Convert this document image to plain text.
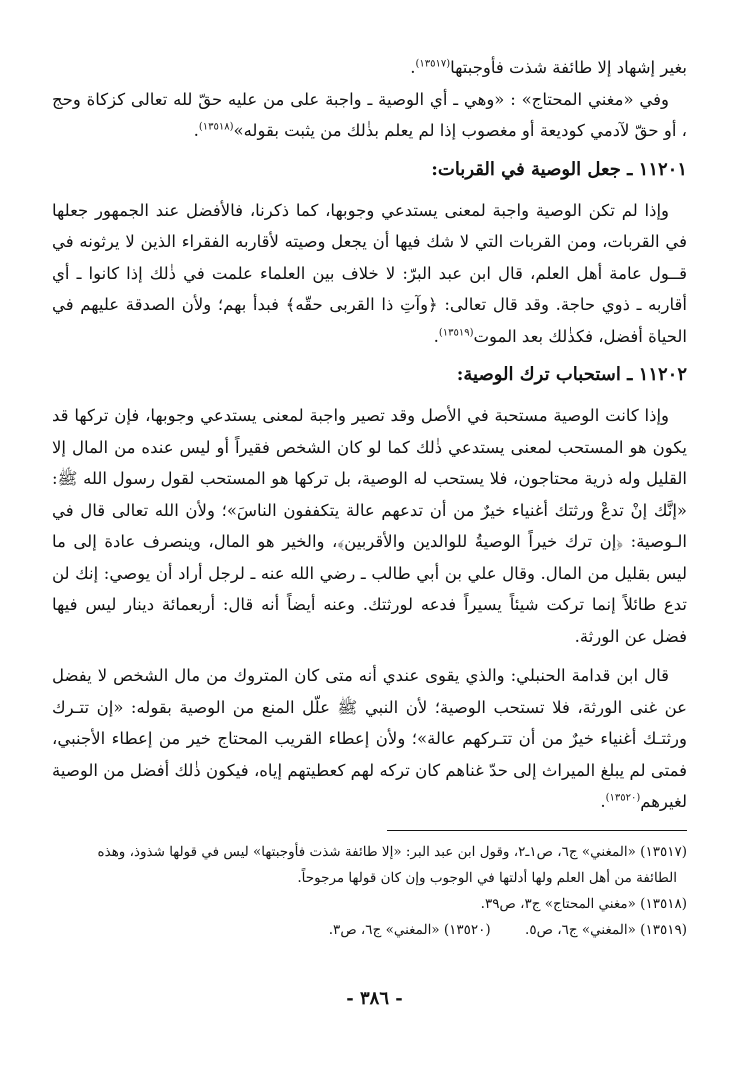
بغير إشهاد إلا طائفة شذت فأوجبتها$^{(١٣٥١٧)}$.

وفي «مغني المحتاج» : «وهي ـ أي الوصية ـ واجبة على من عليه حقّ لله تعالى كزكاة وحج ، أو حقّ لآدمي كوديعة أو مغصوب إذا لم يعلم بذٰلك من يثبت بقوله»$^{(١٣٥١٨)}$.

١١٢٠١ ـ جعل الوصية في القربات:

وإذا لم تكن الوصية واجبة لمعنى يستدعي وجوبها، كما ذكرنا، فالأفضل عند الجمهور جعلها في القربات، ومن القربات التي لا شك فيها أن يجعل وصيته لأقاربه الفقراء الذين لا يرثونه في قــول عامة أهل العلم، قال ابن عبد البرّ: لا خلاف بين العلماء علمت في ذٰلك إذا كانوا ـ أي أقاربه ـ ذوي حاجة. وقد قال تعالى: ﴿وآتِ ذا القربى حقّه﴾ فبدأ بهم؛ ولأن الصدقة عليهم في الحياة أفضل، فكذٰلك بعد الموت$^{(١٣٥١٩)}$.

١١٢٠٢ ـ استحباب ترك الوصية:

وإذا كانت الوصية مستحبة في الأصل وقد تصير واجبة لمعنى يستدعي وجوبها، فإن تركها قد يكون هو المستحب لمعنى يستدعي ذٰلك كما لو كان الشخص فقيراً أو ليس عنده من المال إلا القليل وله ذرية محتاجون، فلا يستحب له الوصية، بل تركها هو المستحب لقول رسول الله ﷺ: «إنَّك إنْ تدعْ ورثتك أغنياء خيرٌ من أن تدعهم عالة يتكففون الناسَ»؛ ولأن الله تعالى قال في الـوصية: ﴿إن ترك خيراً الوصيةُ للوالدين والأقربين﴾، والخير هو المال، وينصرف عادة إلى ما ليس بقليل من المال. وقال علي بن أبي طالب ـ رضي الله عنه ـ لرجل أراد أن يوصي: إنك لن تدع طائلاً إنما تركت شيئاً يسيراً فدعه لورثتك. وعنه أيضاً أنه قال: أربعمائة دينار ليس فيها فضل عن الورثة.

قال ابن قدامة الحنبلي: والذي يقوى عندي أنه متى كان المتروك من مال الشخص لا يفضل عن غنى الورثة، فلا تستحب الوصية؛ لأن النبي ﷺ علّل المنع من الوصية بقوله: «إن تتـرك ورثتـك أغنياء خيرٌ من أن تتـركهم عالة»؛ ولأن إعطاء القريب المحتاج خير من إعطاء الأجنبي، فمتى لم يبلغ الميراث إلى حدّ غناهم كان تركه لهم كعطيتهم إياه، فيكون ذٰلك أفضل من الوصية لغيرهم$^{(١٣٥٢٠)}$.

(١٣٥١٧) «المغني» ج٦، ص١ـ٢، وقول ابن عبد البر: «إلا طائفة شذت فأوجبتها» ليس في قولها شذوذ، وهذه
الطائفة من أهل العلم ولها أدلتها في الوجوب وإن كان قولها مرجوحاً.
(١٣٥١٨) «مغني المحتاج» ج٣، ص٣٩.
(١٣٥١٩) «المغني» ج٦، ص٥.        (١٣٥٢٠) «المغني» ج٦، ص٣.
- ٣٨٦ -
